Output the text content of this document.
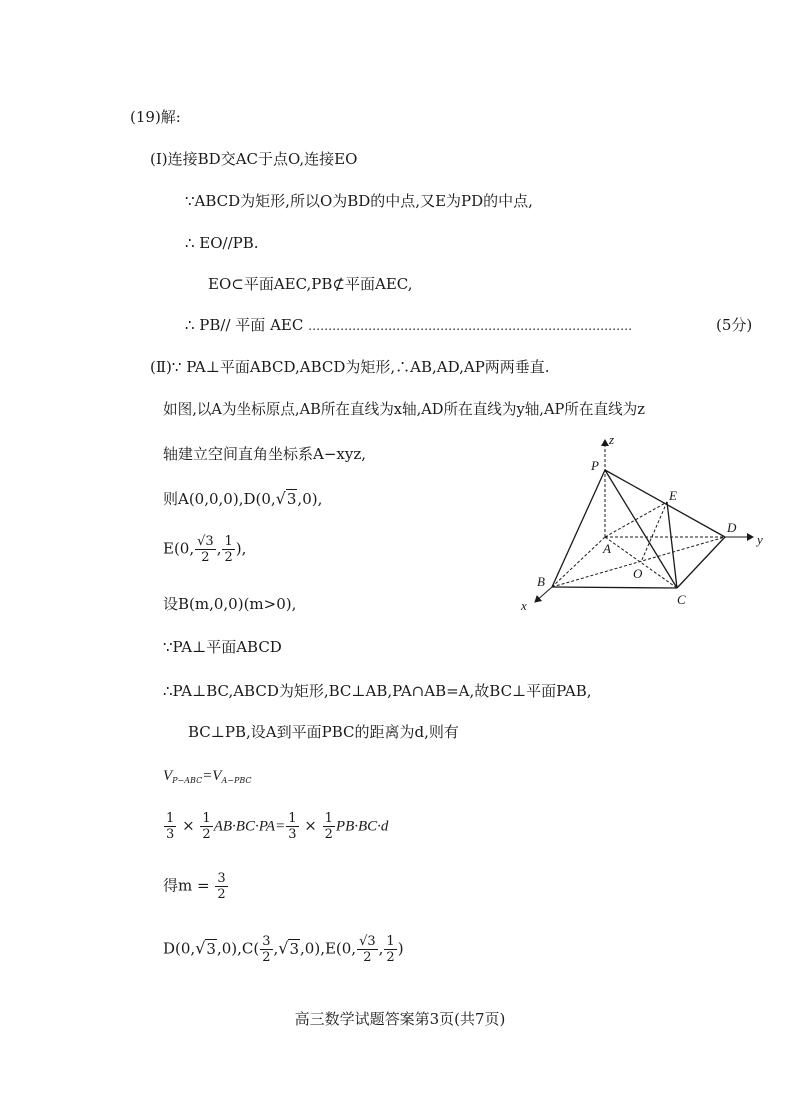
(19)解:
(Ⅰ)连接BD交AC于点O,连接EO
∵ABCD为矩形,所以O为BD的中点,又E为PD的中点,
∴ EO//PB.
EO⊂平面AEC,PB⊄平面AEC,
∴ PB// 平面 AEC ………………………………………………………………………	(5分)
(Ⅱ)∵ PA⊥平面ABCD,ABCD为矩形,∴AB,AD,AP两两垂直.
如图,以A为坐标原点,AB所在直线为x轴,AD所在直线为y轴,AP所在直线为z
轴建立空间直角坐标系A−xyz,
则A(0,0,0),D(0,√3,0),
E(0, $\frac{√3}{2}$ , $\frac{1}{2}$ ),
设B(m,0,0)(m>0),
∵PA⊥平面ABCD
∴PA⊥BC,ABCD为矩形,BC⊥AB,PA∩AB=A,故BC⊥平面PAB,
BC⊥PB,设A到平面PBC的距离为d,则有
$V_{P-ABC}=V_{A-PBC}$
$\frac{1}{3} \times \frac{1}{2} AB\cdot BC\cdot PA= \frac{1}{3} \times \frac{1}{2} PB\cdot BC\cdot d$
得$m = \frac{3}{2}$
$D(0,√3,0),C( \frac{3}{2} ,√3,0),E(0$, $\frac{√3}{2}$ , $\frac{1}{2}$ )
z
P
E
D
y
A
O
B
C
x
高三数学试题答案第3页(共7页)
